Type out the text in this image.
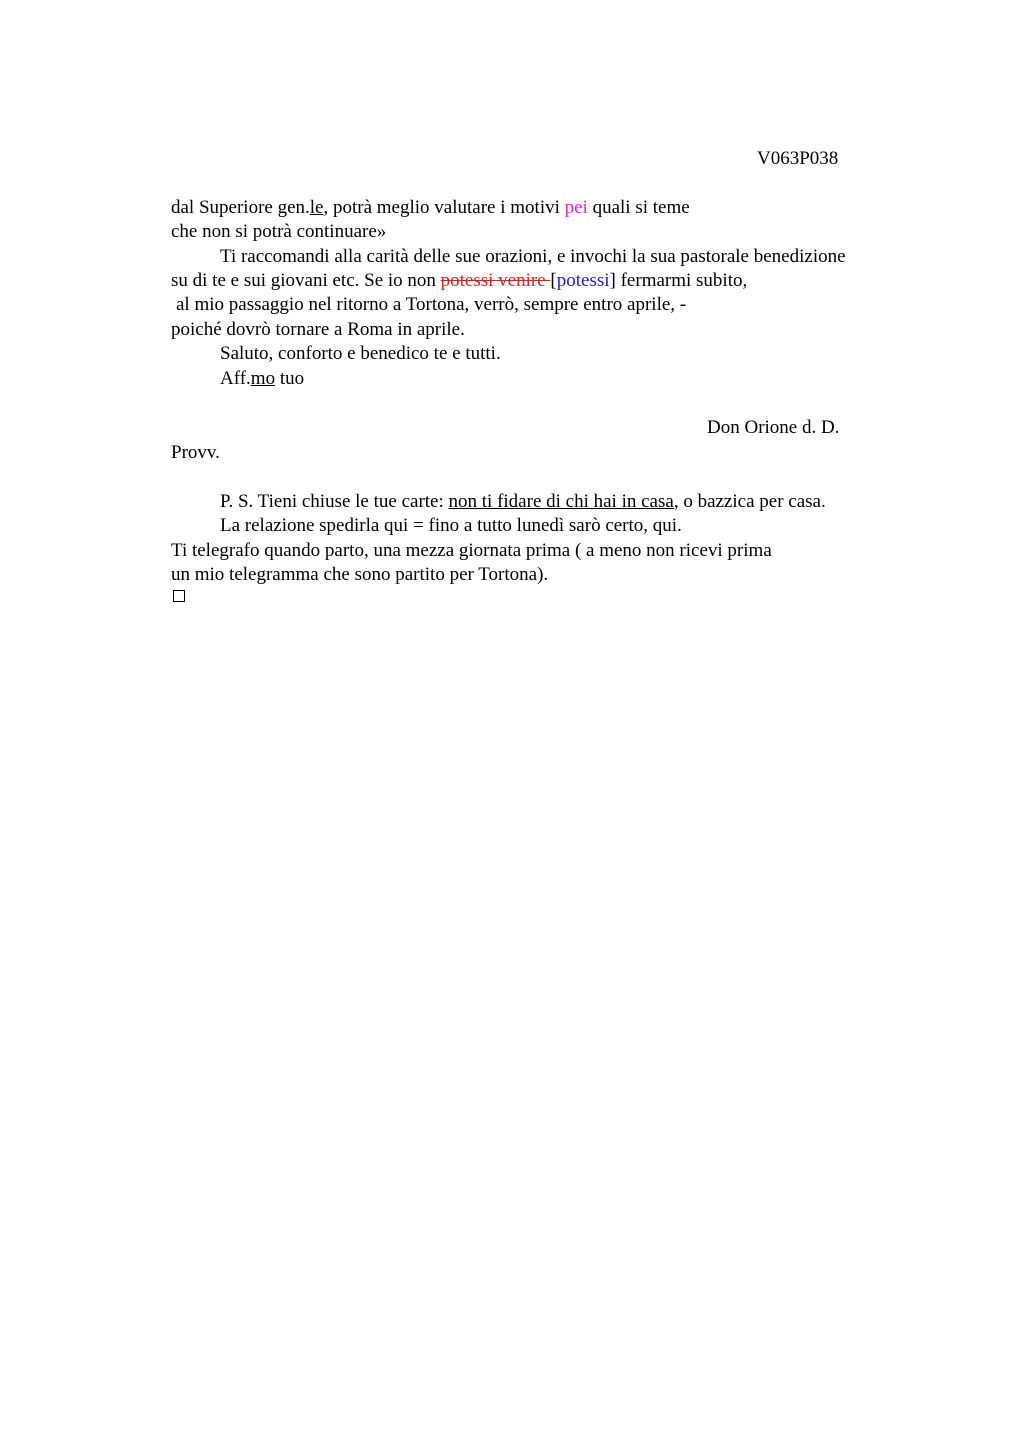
V063P038
dal Superiore gen.le, potrà meglio valutare i motivi pei quali si teme
che non si potrà continuare»
Ti raccomandi alla carità delle sue orazioni, e invochi la sua pastorale benedizione
su di te e sui giovani etc. Se io non potessi venire [potessi] fermarmi subito,
al mio passaggio nel ritorno a Tortona, verrò, sempre entro aprile, -
poiché dovrò tornare a Roma in aprile.
Saluto, conforto e benedico te e tutti.
Aff.mo tuo
Don Orione d. D.
Provv.
P. S. Tieni chiuse le tue carte: non ti fidare di chi hai in casa, o bazzica per casa.
La relazione spedirla qui = fino a tutto lunedì sarò certo, qui.
Ti telegrafo quando parto, una mezza giornata prima ( a meno non ricevi prima
un mio telegramma che sono partito per Tortona).
